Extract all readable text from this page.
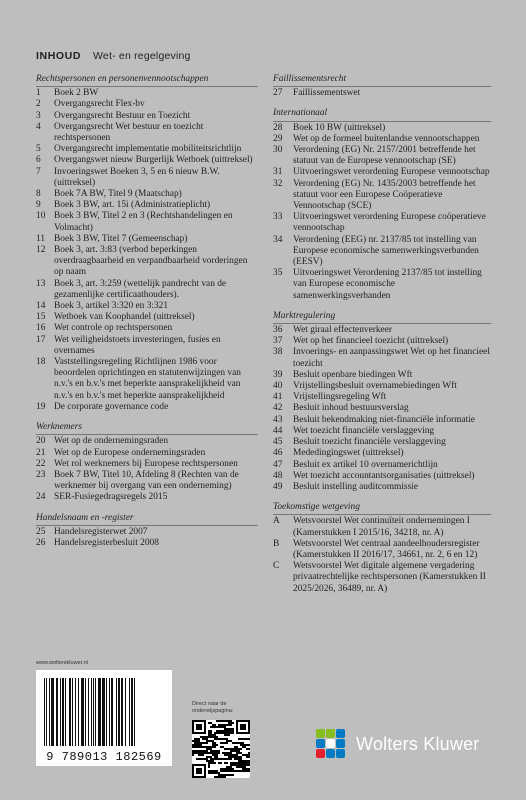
INHOUD Wet- en regelgeving
Rechtspersonen en personenvennootschappen
1	Boek 2 BW
2	Overgangsrecht Flex-bv
3	Overgangsrecht Bestuur en Toezicht
4	Overgangsrecht Wet bestuur en toezicht rechtspersonen
5	Overgangsrecht implementatie mobiliteitsrichtlijn
6	Overgangswet nieuw Burgerlijk Wetboek (uittreksel)
7	Invoeringswet Boeken 3, 5 en 6 nieuw B.W. (uittreksel)
8	Boek 7A BW, Titel 9 (Maatschap)
9	Boek 3 BW, art. 15i (Administratieplicht)
10 Boek 3 BW, Titel 2 en 3 (Rechtshandelingen en Volmacht)
11 Boek 3 BW, Titel 7 (Gemeenschap)
12 Boek 3, art. 3:83 (verbod beperkingen overdraagbaarheid en verpandbaarheid vorderingen op naam
13 Boek 3, art. 3:259 (wettelijk pandrecht van de gezamenlijke certificaathouders).
14 Boek 3, artikel 3:320 en 3:321
15 Wetboek van Koophandel (uittreksel)
16 Wet controle op rechtspersonen
17 Wet veiligheidstoets investeringen, fusies en overnames
18 Vaststellingsregeling Richtlijnen 1986 voor beoordelen oprichtingen en statutenwijzingen van n.v.'s en b.v.'s met beperkte aansprakelijkheid van n.v.'s en b.v.'s met beperkte aansprakelijkheid
19 De corporate governance code
Werknemers
20 Wet op de ondernemingsraden
21 Wet op de Europese ondernemingsraden
22 Wet rol werknemers bij Europese rechtspersonen
23 Boek 7 BW, Titel 10, Afdeling 8 (Rechten van de werknemer bij overgang van een onderneming)
24 SER-Fusiegedragsregels 2015
Handelsnaam en -register
25 Handelsregisterwet 2007
26 Handelsregisterbesluit 2008
Faillissementsrecht
27	Faillissementswet
Internationaal
28	Boek 10 BW (uittreksel)
29	Wet op de formeel buitenlandse vennootschappen
30	Verordening (EG) Nr. 2157/2001 betreffende het statuut van de Europese vennootschap (SE)
31	Uitvoeringswet verordening Europese vennootschap
32	Verordening (EG) Nr. 1435/2003 betreffende het statuut voor een Europese Coöperatieve Vennootschap (SCE)
33	Uitvoeringswet verordening Europese coöperatieve vennootschap
34	Verordening (EEG) nr. 2137/85 tot instelling van Europese economische samenwerkingsverbanden (EESV)
35	Uitvoeringswet Verordening 2137/85 tot instelling van Europese economische samenwerkingsverbanden
Marktregulering
36	Wet giraal effectenverkeer
37	Wet op het financieel toezicht (uittreksel)
38	Invoerings- en aanpassingswet Wet op het financieel toezicht
39	Besluit openbare biedingen Wft
40	Vrijstellingsbesluit overnamebiedingen Wft
41	Vrijstellingsregeling Wft
42	Besluit inhoud bestuursverslag
43	Besluit bekendmaking niet-financiële informatie
44	Wet toezicht financiële verslaggeving
45	Besluit toezicht financiële verslaggeving
46	Mededingingswet (uittreksel)
47	Besluit ex artikel 10 overnamerichtlijn
48	Wet toezicht accountantsorganisaties (uittreksel)
49	Besluit instelling auditcommissie
Toekomstige wetgeving
A	Wetsvoorstel Wet continuïteit ondernemingen I (Kamerstukken I 2015/16, 34218, nr. A)
B	Wetsvoorstel Wet centraal aandeelhoudersregister (Kamerstukken II 2016/17, 34661, nr. 2, 6 en 12)
C	Wetsvoorstel Wet digitale algemene vergadering privaatrechtelijke rechtspersonen (Kamerstukken II 2025/2026, 36489, nr. A)
www.wolterskluwer.nl
9 789013 182569
Direct naar de onderwijspagina:
Wolters Kluwer
